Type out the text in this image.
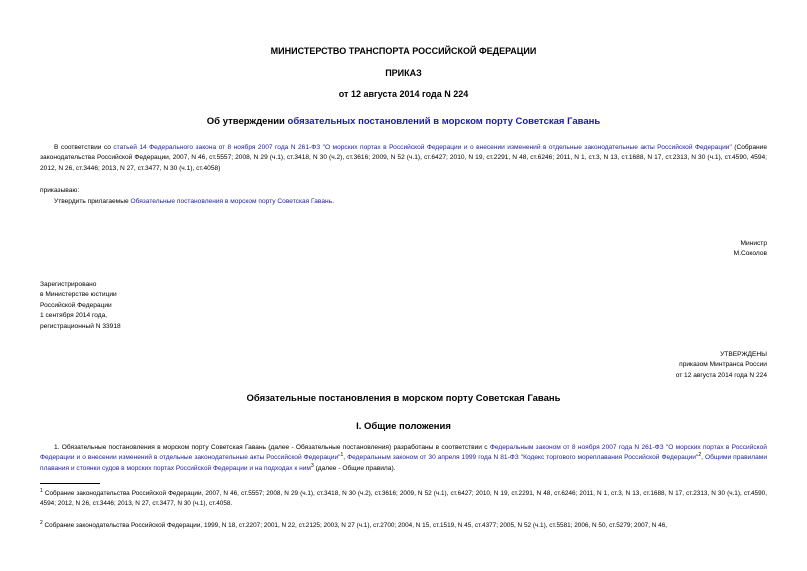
МИНИСТЕРСТВО ТРАНСПОРТА РОССИЙСКОЙ ФЕДЕРАЦИИ
ПРИКАЗ
от 12 августа 2014 года N 224
Об утверждении обязательных постановлений в морском порту Советская Гавань
В соответствии со статьей 14 Федерального закона от 8 ноября 2007 года N 261-ФЗ "О морских портах в Российской Федерации и о внесении изменений в отдельные законодательные акты Российской Федерации" (Собрание законодательства Российской Федерации, 2007, N 46, ст.5557; 2008, N 29 (ч.1), ст.3418, N 30 (ч.2), ст.3616; 2009, N 52 (ч.1), ст.6427; 2010, N 19, ст.2291, N 48, ст.6246; 2011, N 1, ст.3, N 13, ст.1688, N 17, ст.2313, N 30 (ч.1), ст.4590, 4594; 2012, N 26, ст.3446; 2013, N 27, ст.3477, N 30 (ч.1), ст.4058)
приказываю:
Утвердить прилагаемые Обязательные постановления в морском порту Советская Гавань.
Министр
М.Соколов
Зарегистрировано
в Министерстве юстиции
Российской Федерации
1 сентября 2014 года,
регистрационный N 33918
УТВЕРЖДЕНЫ
приказом Минтранса России
от 12 августа 2014 года N 224
Обязательные постановления в морском порту Советская Гавань
I. Общие положения
1. Обязательные постановления в морском порту Советская Гавань (далее - Обязательные постановления) разработаны в соответствии с Федеральным законом от 8 ноября 2007 года N 261-ФЗ "О морских портах в Российской Федерации и о внесении изменений в отдельные законодательные акты Российской Федерации"$^1$, Федеральным законом от 30 апреля 1999 года N 81-ФЗ "Кодекс торгового мореплавания Российской Федерации"$^2$, Общими правилами плавания и стоянки судов в морских портах Российской Федерации и на подходах к ним$^3$ (далее - Общие правила).
$^1$ Собрание законодательства Российской Федерации, 2007, N 46, ст.5557; 2008, N 29 (ч.1), ст.3418, N 30 (ч.2), ст.3616; 2009, N 52 (ч.1), ст.6427; 2010, N 19, ст.2291, N 48, ст.6246; 2011, N 1, ст.3, N 13, ст.1688, N 17, ст.2313, N 30 (ч.1), ст.4590, 4594; 2012, N 26, ст.3446; 2013, N 27, ст.3477, N 30 (ч.1), ст.4058.
$^2$ Собрание законодательства Российской Федерации, 1999, N 18, ст.2207; 2001, N 22, ст.2125; 2003, N 27 (ч.1), ст.2700; 2004, N 15, ст.1519, N 45, ст.4377; 2005, N 52 (ч.1), ст.5581; 2006, N 50, ст.5279; 2007, N 46,
